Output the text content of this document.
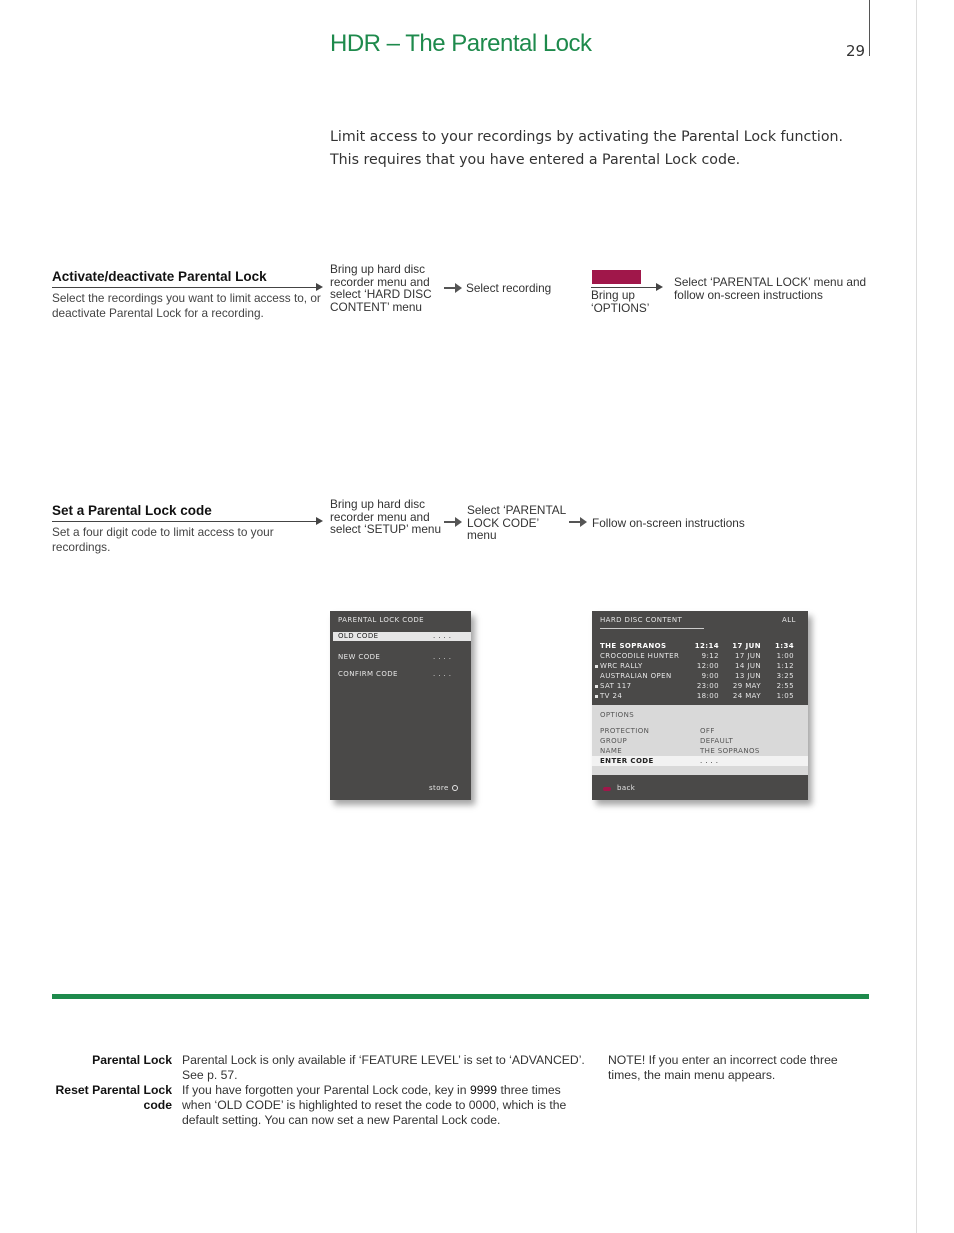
HDR – The Parental Lock	29
Limit access to your recordings by activating the Parental Lock function. This requires that you have entered a Parental Lock code.
Activate/deactivate Parental Lock
Select the recordings you want to limit access to, or deactivate Parental Lock for a recording.
Bring up hard disc recorder menu and select ‘HARD DISC CONTENT’ menu
Select recording	Bring up ‘OPTIONS’
Select ‘PARENTAL LOCK’ menu and follow on-screen instructions
Set a Parental Lock code
Set a four digit code to limit access to your recordings.
Bring up hard disc recorder menu and select ‘SETUP’ menu
Select ‘PARENTAL LOCK CODE’ menu
Follow on-screen instructions
PARENTAL LOCK CODE
OLD CODE	. . . .
NEW CODE	. . . .
CONFIRM CODE	. . . .
store
HARD DISC CONTENT	ALL
THE SOPRANOS	12:14 17 JUN 1:34
CROCODILE HUNTER	9:12 17 JUN 1:00
WRC RALLY	12:00 14 JUN 1:12
AUSTRALIAN OPEN	9:00 13 JUN 3:25
SAT 117	23:00 29 MAY 2:55
TV 24	18:00 24 MAY 1:05
OPTIONS
PROTECTION	OFF
GROUP	DEFAULT
NAME	THE SOPRANOS
ENTER CODE	. . . .
back
Parental Lock Parental Lock is only available if ‘FEATURE LEVEL’ is set to ‘ADVANCED’. See p. 57.
Reset Parental Lock code
If you have forgotten your Parental Lock code, key in 9999 three times when ‘OLD CODE’ is highlighted to reset the code to 0000, which is the default setting. You can now set a new Parental Lock code.
NOTE! If you enter an incorrect code three times, the main menu appears.
